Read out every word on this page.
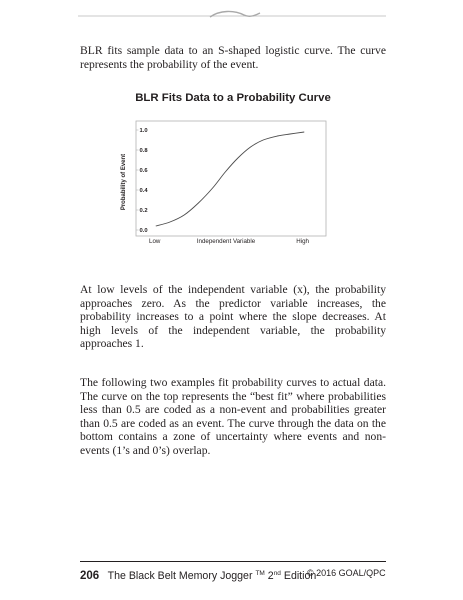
BLR fits sample data to an S-shaped logistic curve. The curve represents the probability of the event.

BLR Fits Data to a Probability Curve

0.0
0.2
0.4
0.6
0.8
1.0
Probability of Event
Low	Independent Variable	High

At low levels of the independent variable (x), the probability approaches zero. As the predictor variable increases, the probability increases to a point where the slope decreases. At high levels of the independent variable, the probability approaches 1.

The following two examples fit probability curves to actual data. The curve on the top represents the “best fit” where probabilities less than 0.5 are coded as a non-event and probabilities greater than 0.5 are coded as an event. The curve through the data on the bottom contains a zone of uncertainty where events and non-events (1’s and 0’s) overlap.

206 The Black Belt Memory Jogger ™ 2nd Edition
© 2016 GOAL/QPC
